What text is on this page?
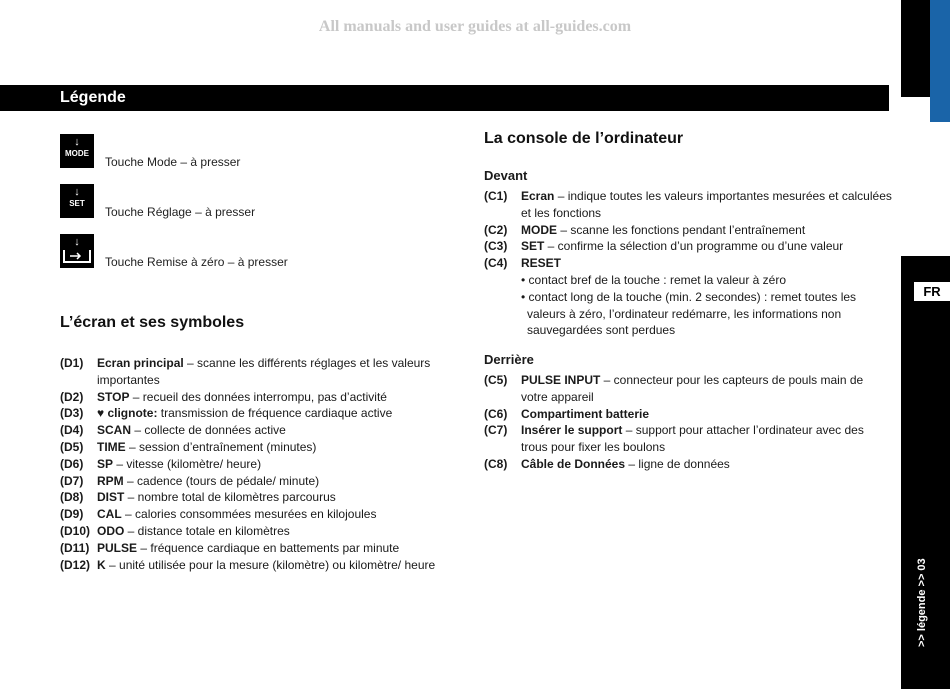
All manuals and user guides at all-guides.com
FR
>> légende >> 03
Légende
↓
MODE
Touche Mode – à presser
↓
SET
Touche Réglage – à presser
↓
Touche Remise à zéro – à presser
L’écran et ses symboles
(D1) Ecran principal – scanne les différents réglages et les valeurs importantes
(D2) STOP – recueil des données interrompu, pas d’activité
(D3) ♥ clignote: transmission de fréquence cardiaque active
(D4) SCAN – collecte de données active
(D5) TIME – session d’entraînement (minutes)
(D6) SP – vitesse (kilomètre/ heure)
(D7) RPM – cadence (tours de pédale/ minute)
(D8) DIST – nombre total de kilomètres parcourus
(D9) CAL – calories consommées mesurées en kilojoules
(D10) ODO – distance totale en kilomètres
(D11) PULSE – fréquence cardiaque en battements par minute
(D12) K – unité utilisée pour la mesure (kilomètre) ou kilomètre/ heure
La console de l’ordinateur
Devant
(C1) Ecran – indique toutes les valeurs importantes mesurées et calculées et les fonctions
(C2) MODE – scanne les fonctions pendant l’entraînement
(C3) SET – confirme la sélection d’un programme ou d’une valeur
(C4) RESET
• contact bref de la touche : remet la valeur à zéro
• contact long de la touche (min. 2 secondes) : remet toutes les valeurs à zéro, l’ordinateur redémarre, les informations non sauvegardées sont perdues
Derrière
(C5) PULSE INPUT – connecteur pour les capteurs de pouls main de votre appareil
(C6) Compartiment batterie
(C7) Insérer le support – support pour attacher l’ordinateur avec des trous pour fixer les boulons
(C8) Câble de Données – ligne de données
